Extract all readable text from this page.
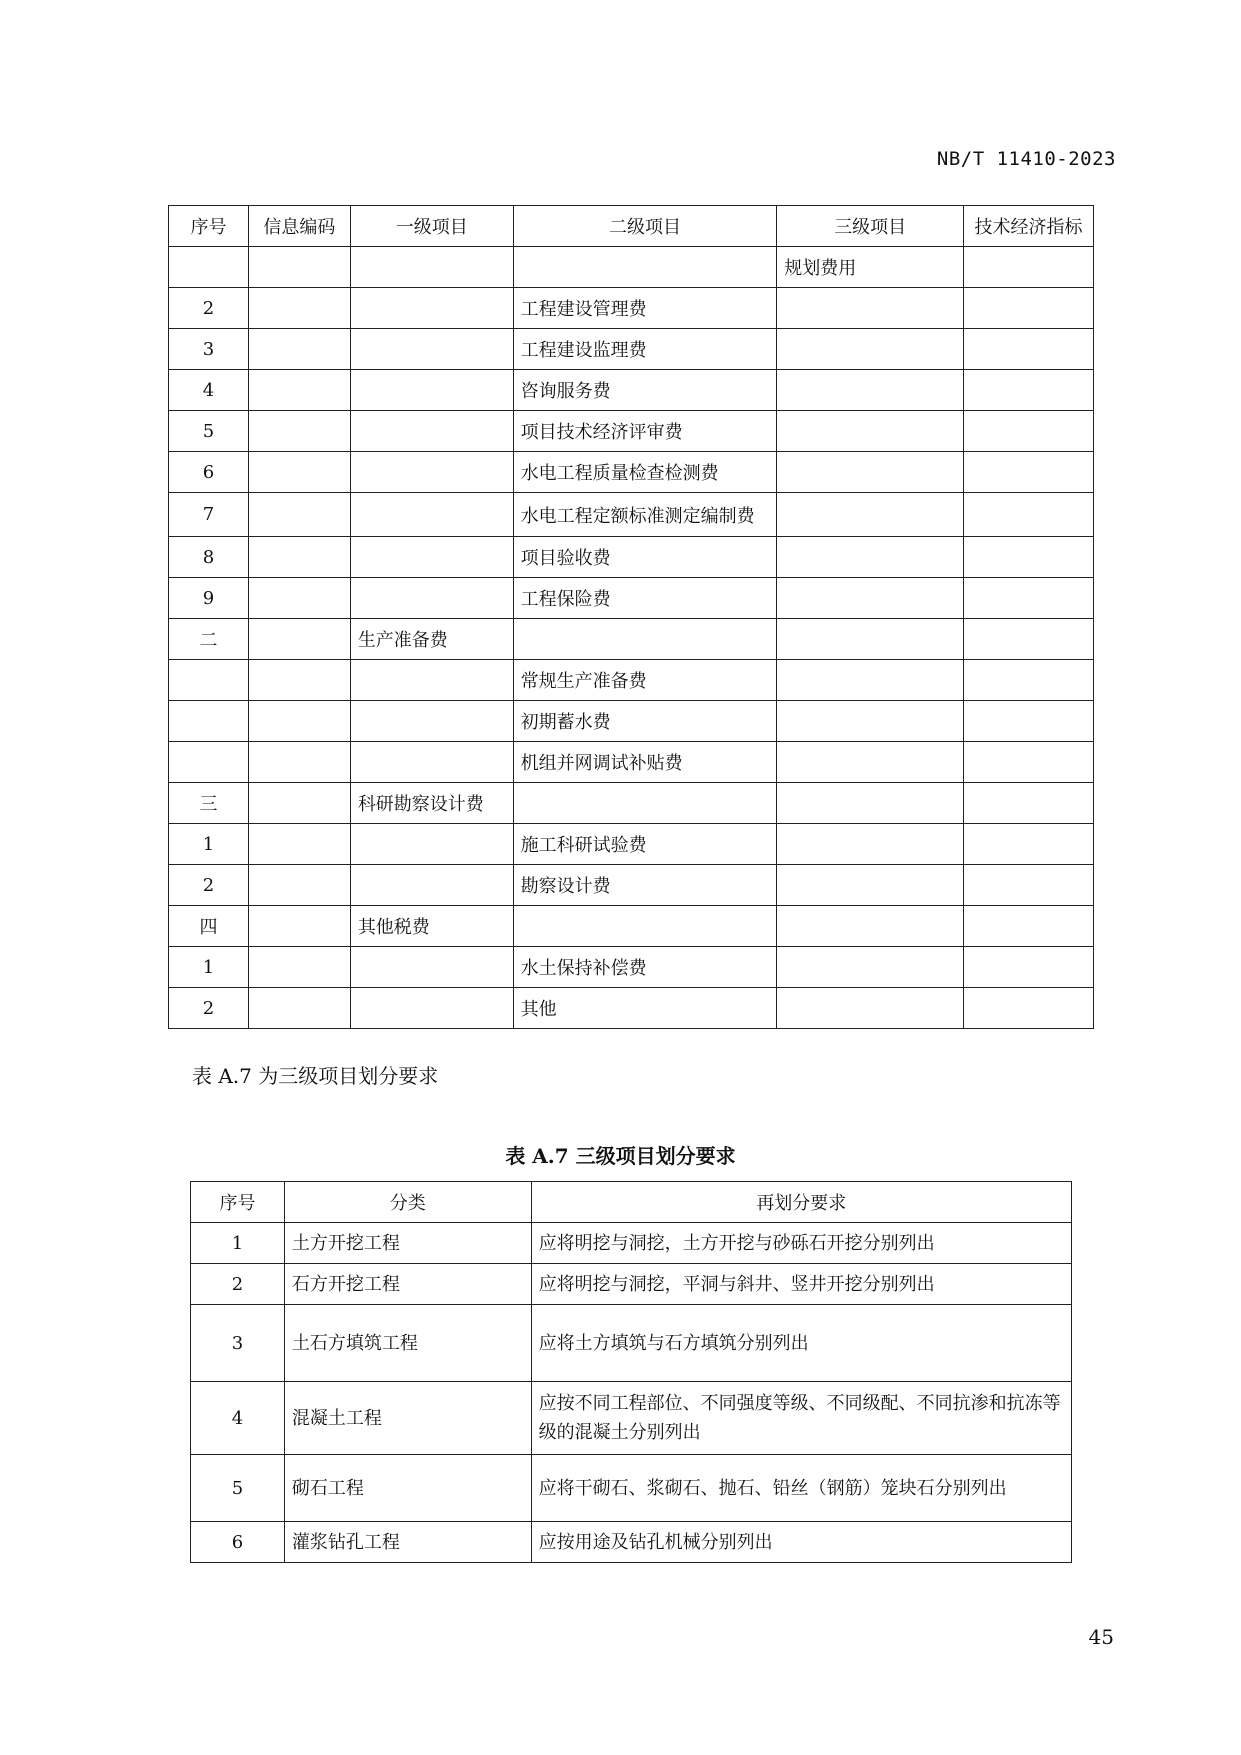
NB/T 11410-2023
序号	信息编码	一级项目	二级项目	三级项目	技术经济指标
				规划费用	
2			工程建设管理费		
3			工程建设监理费		
4			咨询服务费		
5			项目技术经济评审费		
6			水电工程质量检查检测费		
7			水电工程定额标准测定编制费		
8			项目验收费		
9			工程保险费		
二		生产准备费			
			常规生产准备费		
			初期蓄水费		
			机组并网调试补贴费		
三		科研勘察设计费			
1			施工科研试验费		
2			勘察设计费		
四		其他税费			
1			水土保持补偿费		
2			其他		
表 A.7 为三级项目划分要求
表 A.7 三级项目划分要求
序号	分类	再划分要求
1	土方开挖工程	应将明挖与洞挖，土方开挖与砂砾石开挖分别列出
2	石方开挖工程	应将明挖与洞挖，平洞与斜井、竖井开挖分别列出
3	土石方填筑工程	应将土方填筑与石方填筑分别列出
4	混凝土工程	应按不同工程部位、不同强度等级、不同级配、不同抗渗和抗冻等级的混凝土分别列出
5	砌石工程	应将干砌石、浆砌石、抛石、铅丝（钢筋）笼块石分别列出
6	灌浆钻孔工程	应按用途及钻孔机械分别列出
45
